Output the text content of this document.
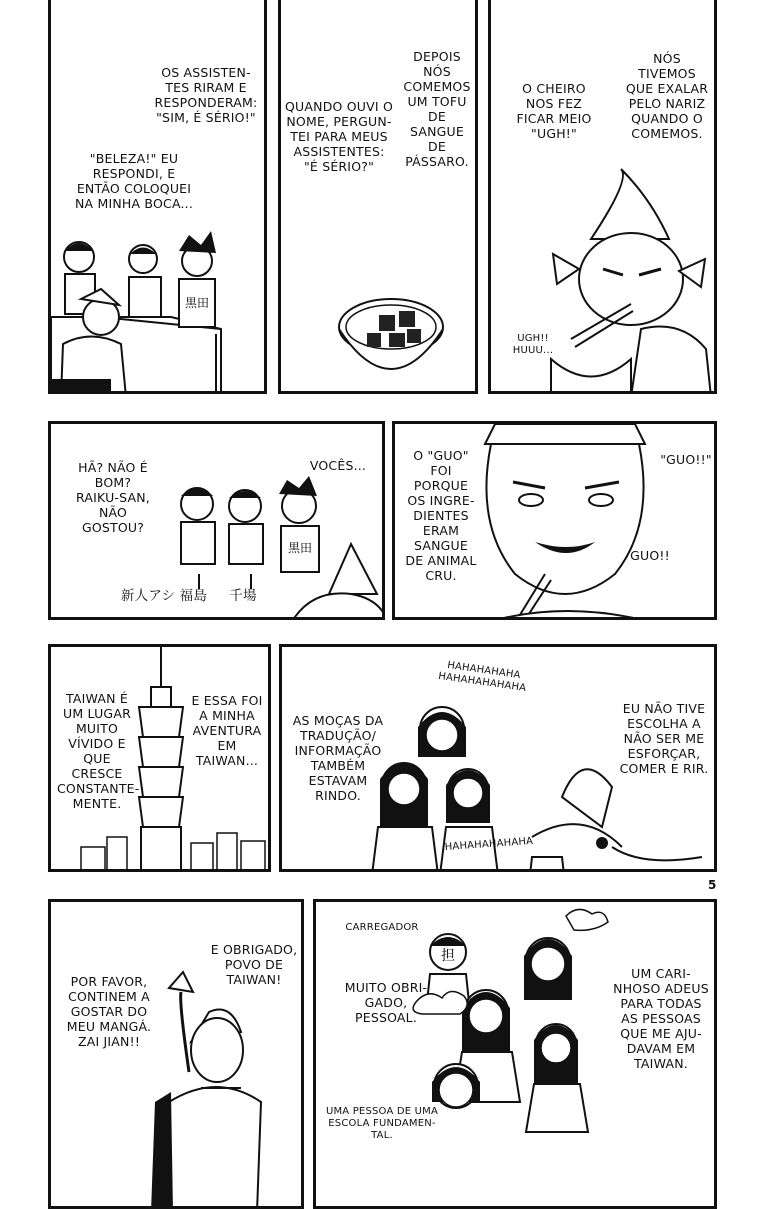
黒田
OS ASSISTEN-
TES RIRAM E
RESPONDERAM:
"SIM, É SÉRIO!"
"BELEZA!" EU
RESPONDI, E
ENTÃO COLOQUEI
NA MINHA BOCA...
QUANDO OUVI O
NOME, PERGUN-
TEI PARA MEUS
ASSISTENTES:
"É SÉRIO?"
DEPOIS
NÓS
COMEMOS
UM TOFU
DE
SANGUE
DE
PÁSSARO.
O CHEIRO
NOS FEZ
FICAR MEIO
"UGH!"
NÓS
TIVEMOS
QUE EXALAR
PELO NARIZ
QUANDO O
COMEMOS.
UGH!!
HUUU...
黒田
HÃ? NÃO É
BOM?
RAIKU-SAN,
NÃO
GOSTOU?
VOCÊS...
新人アシ 福島	千場
O "GUO"
FOI
PORQUE
OS INGRE-
DIENTES
ERAM
SANGUE
DE ANIMAL
CRU.
"GUO!!"
GUO!!
TAIWAN É
UM LUGAR
MUITO
VÍVIDO E
QUE CRESCE
CONSTANTE-
MENTE.
E ESSA FOI
A MINHA
AVENTURA
EM
TAIWAN...
HAHAHAHAHA
HAHAHAHAHAHA
AS MOÇAS DA
TRADUÇÃO/
INFORMAÇÃO
TAMBÉM
ESTAVAM
RINDO.
EU NÃO TIVE
ESCOLHA A
NÃO SER ME
ESFORÇAR,
COMER E RIR.
HAHAHAHAHAHA
5
E OBRIGADO,
POVO DE
TAIWAN!
POR FAVOR,
CONTINEM A
GOSTAR DO
MEU MANGÁ.
ZAI JIAN!!
担
CARREGADOR
MUITO OBRI-
GADO,
PESSOAL.
UM CARI-
NHOSO ADEUS
PARA TODAS
AS PESSOAS
QUE ME AJU-
DAVAM EM
TAIWAN.
UMA PESSOA DE UMA
ESCOLA FUNDAMEN-
TAL.
